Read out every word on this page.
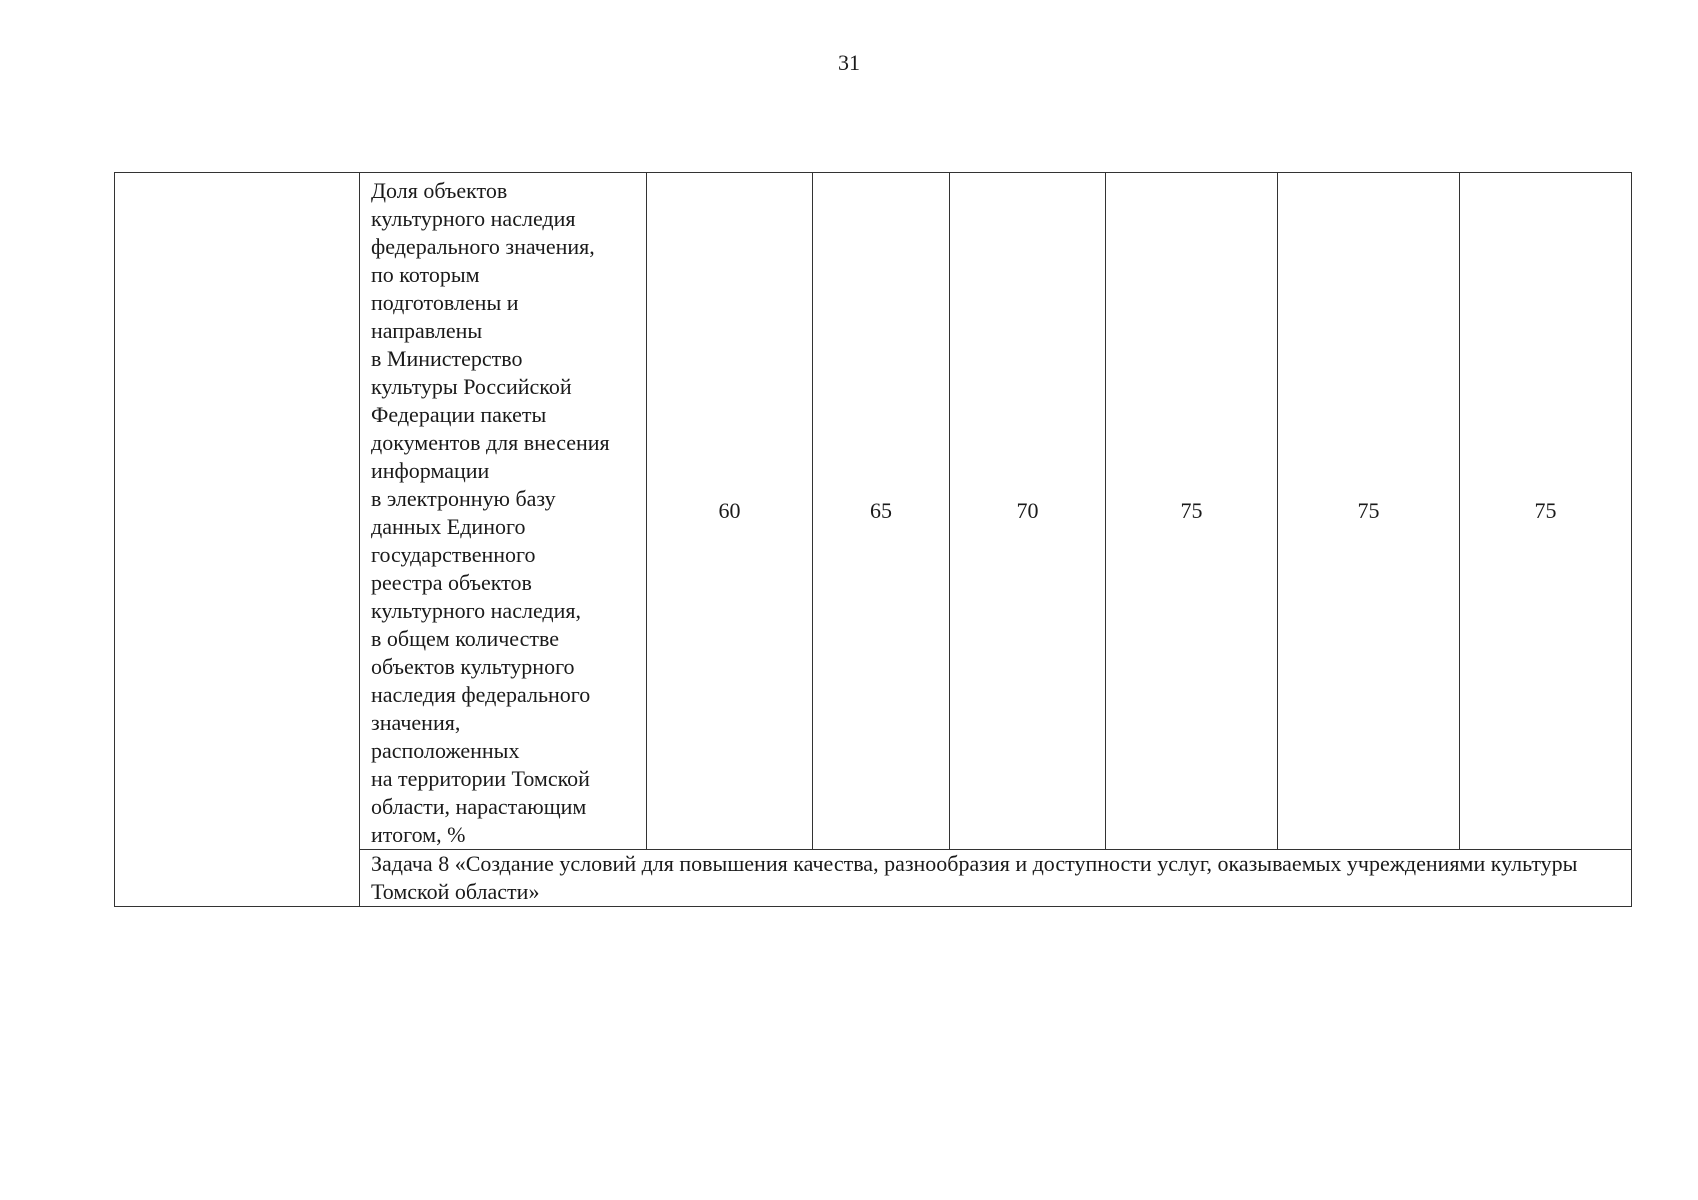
31
	Доля объектов
культурного наследия
федерального значения,
по которым
подготовлены и
направлены
в Министерство
культуры Российской
Федерации пакеты
документов для внесения
информации
в электронную базу
данных Единого
государственного
реестра объектов
культурного наследия,
в общем количестве
объектов культурного
наследия федерального
значения,
расположенных
на территории Томской
области, нарастающим
итогом, %	60	65	70	75	75	75
Задача 8 «Создание условий для повышения качества, разнообразия и доступности услуг, оказываемых учреждениями культуры Томской области»
